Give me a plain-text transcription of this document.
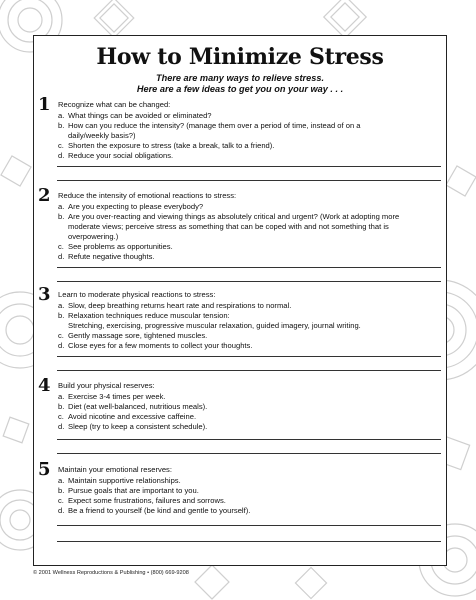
How to Minimize Stress
There are many ways to relieve stress.
Here are a few ideas to get you on your way . . .
1 Recognize what can be changed:
a. What things can be avoided or eliminated?
b. How can you reduce the intensity? (manage them over a period of time, instead of on a
daily/weekly basis?)
c. Shorten the exposure to stress (take a break, talk to a friend).
d. Reduce your social obligations.
2 Reduce the intensity of emotional reactions to stress:
a. Are you expecting to please everybody?
b. Are you over-reacting and viewing things as absolutely critical and urgent? (Work at adopting more
moderate views; perceive stress as something that can be coped with and not something that is
overpowering.)
c. See problems as opportunities.
d. Refute negative thoughts.
3 Learn to moderate physical reactions to stress:
a. Slow, deep breathing returns heart rate and respirations to normal.
b. Relaxation techniques reduce muscular tension:
Stretching, exercising, progressive muscular relaxation, guided imagery, journal writing.
c. Gently massage sore, tightened muscles.
d. Close eyes for a few moments to collect your thoughts.
4 Build your physical reserves:
a. Exercise 3-4 times per week.
b. Diet (eat well-balanced, nutritious meals).
c. Avoid nicotine and excessive caffeine.
d. Sleep (try to keep a consistent schedule).
5 Maintain your emotional reserves:
a. Maintain supportive relationships.
b. Pursue goals that are important to you.
c. Expect some frustrations, failures and sorrows.
d. Be a friend to yourself (be kind and gentle to yourself).
© 2001 Wellness Reproductions & Publishing • (800) 669-9208
